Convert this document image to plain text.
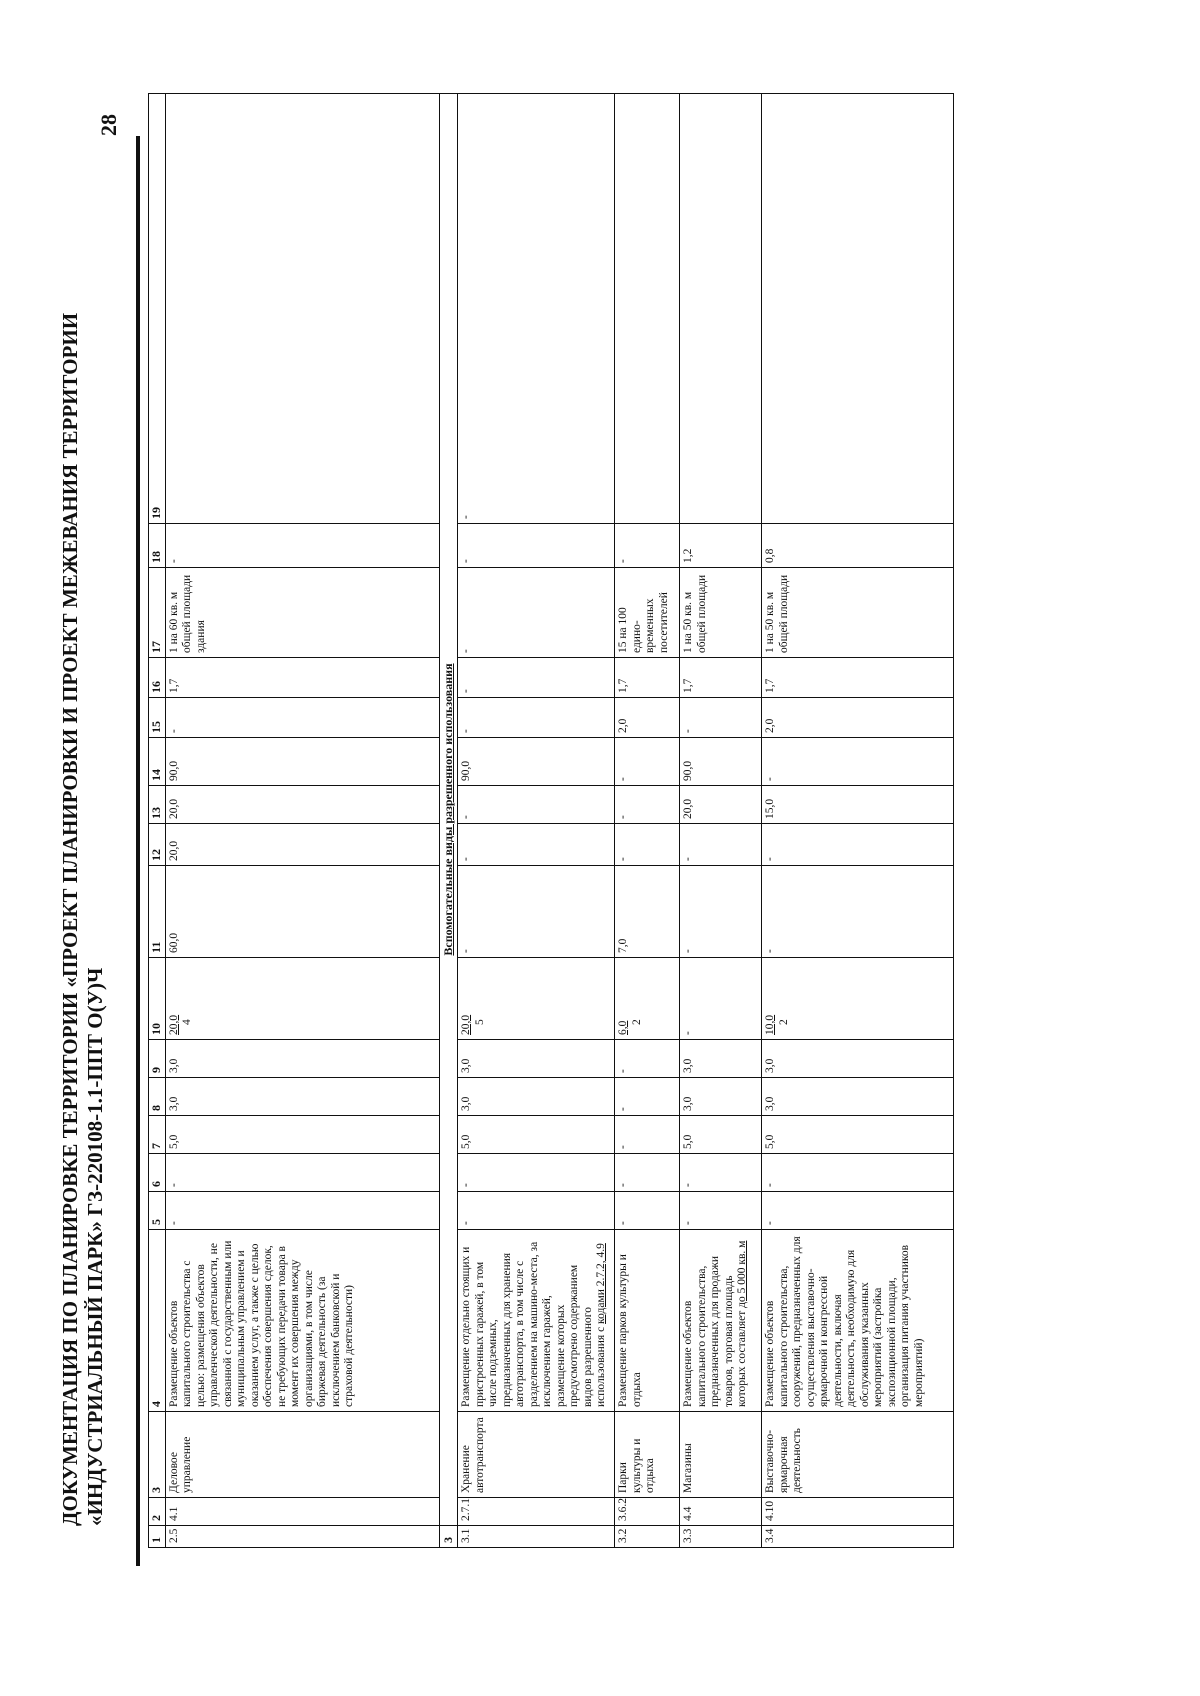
ДОКУМЕНТАЦИЯ ПО ПЛАНИРОВКЕ ТЕРРИТОРИИ «ПРОЕКТ ПЛАНИРОВКИ И ПРОЕКТ МЕЖЕВАНИЯ ТЕРРИТОРИИ «ИНДУСТРИАЛЬНЫЙ ПАРК» ГЗ-220108-1.1-ППТ О(У)Ч
28
1	2	3	4	5	6	7	8	9	10	11	12	13	14	15	16	17	18	19
2.5	4.1	Деловое управление	Размещение объектов капитального строительства с целью: размещения объектов управленческой деятельности, не связанной с государственным или муниципальным управлением и оказанием услуг, а также с целью обеспечения совершения сделок, не требующих передачи товара в момент их совершения между организациями, в том числе биржевая деятельность (за исключением банковской и страховой деятельности)	-	-	5,0	3,0	3,0	20,0 4	60,0	20,0	20,0	90,0	-	1,7	1 на 60 кв. м общей площади здания	-	
3	Вспомогательные виды разрешенного использования																	
3.1	2.7.1	Хранение автотранспорта	Размещение отдельно стоящих и пристроенных гаражей, в том числе подземных, предназначенных для хранения автотранспорта, в том числе с разделением на машино-места, за исключением гаражей, размещение которых предусмотрено содержанием видов разрешенного использования с кодами 2.7.2, 4.9	-	-	5,0	3,0	3,0	20,0 5	-	-	-	90,0	-	-	-	-	-
3.2	3.6.2	Парки культуры и отдыха	Размещение парков культуры и отдыха	-	-	-	-	-	6,0 2	7,0	-	-	-	2,0	1,7	15 на 100 едино-временных посетителей	-	
3.3	4.4	Магазины	Размещение объектов капитального строительства, предназначенных для продажи товаров, торговая площадь которых составляет до 5 000 кв. м	-	-	5,0	3,0	3,0	-	-	-	20,0	90,0	-	1,7	1 на 50 кв. м общей площади	1,2	
3.4	4.10	Выставочно-ярмарочная деятельность	Размещение объектов капитального строительства, сооружений, предназначенных для осуществления выставочно-ярмарочной и конгрессной деятельности, включая деятельность, необходимую для обслуживания указанных мероприятий (застройка экспозиционной площади, организация питания участников мероприятий)	-	-	5,0	3,0	3,0	10,0 2	-	-	15,0	-	2,0	1,7	1 на 50 кв. м общей площади	0,8	
